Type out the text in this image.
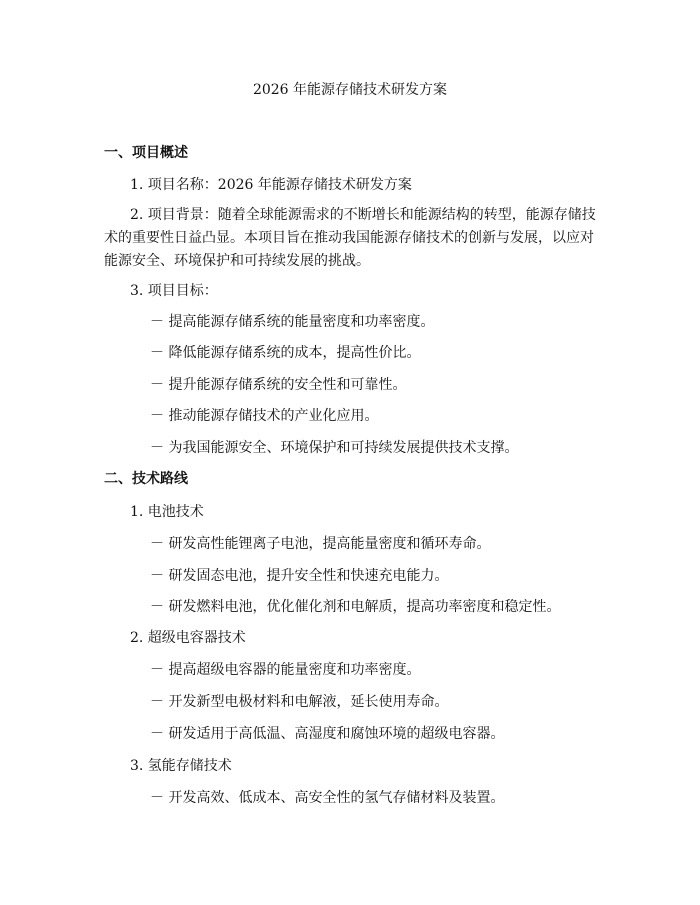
2026 年能源存储技术研发方案
一、项目概述
1. 项目名称：2026 年能源存储技术研发方案
2. 项目背景：随着全球能源需求的不断增长和能源结构的转型，能源存储技术的重要性日益凸显。本项目旨在推动我国能源存储技术的创新与发展，以应对能源安全、环境保护和可持续发展的挑战。
3. 项目目标：
－ 提高能源存储系统的能量密度和功率密度。
－ 降低能源存储系统的成本，提高性价比。
－ 提升能源存储系统的安全性和可靠性。
－ 推动能源存储技术的产业化应用。
－ 为我国能源安全、环境保护和可持续发展提供技术支撑。
二、技术路线
1. 电池技术
－ 研发高性能锂离子电池，提高能量密度和循环寿命。
－ 研发固态电池，提升安全性和快速充电能力。
－ 研发燃料电池，优化催化剂和电解质，提高功率密度和稳定性。
2. 超级电容器技术
－ 提高超级电容器的能量密度和功率密度。
－ 开发新型电极材料和电解液，延长使用寿命。
－ 研发适用于高低温、高湿度和腐蚀环境的超级电容器。
3. 氢能存储技术
－ 开发高效、低成本、高安全性的氢气存储材料及装置。
